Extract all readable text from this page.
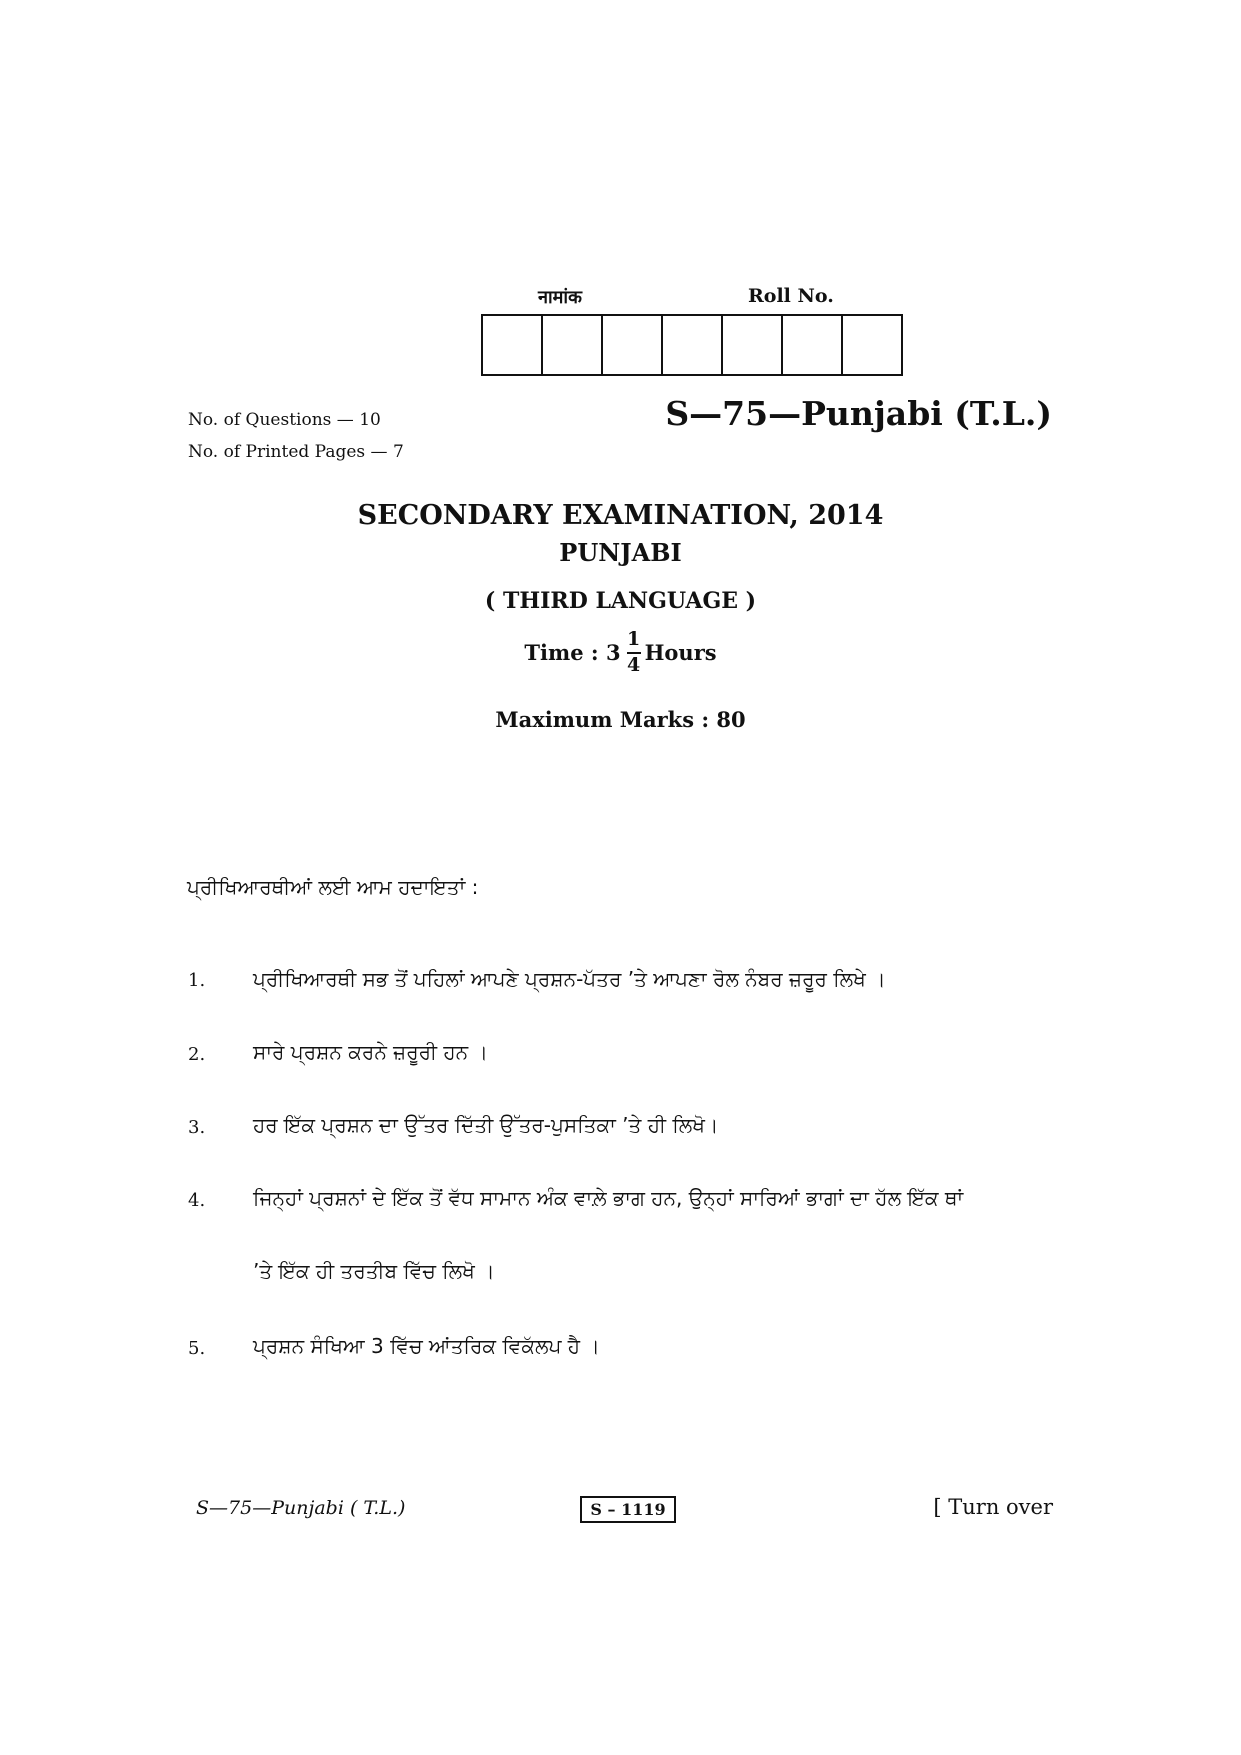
नामांक	Roll No.
No. of Questions — 10
No. of Printed Pages — 7
S—75—Punjabi (T.L.)
SECONDARY EXAMINATION, 2014
PUNJABI
( THIRD LANGUAGE )
Time : $3 \frac{1}{4}$ Hours
Maximum Marks : 80
ਪ੍ਰੀਖਿਆਰਥੀਆਂ ਲਈ ਆਮ ਹਦਾਇਤਾਂ :
1. ਪ੍ਰੀਖਿਆਰਥੀ ਸਭ ਤੋਂ ਪਹਿਲਾਂ ਆਪਣੇ ਪ੍ਰਸ਼ਨ-ਪੱਤਰ ’ਤੇ ਆਪਣਾ ਰੋਲ ਨੰਬਰ ਜ਼ਰੂਰ ਲਿਖੇ ।
2. ਸਾਰੇ ਪ੍ਰਸ਼ਨ ਕਰਨੇ ਜ਼ਰੂਰੀ ਹਨ ।
3. ਹਰ ਇੱਕ ਪ੍ਰਸ਼ਨ ਦਾ ਉੱਤਰ ਦਿੱਤੀ ਉੱਤਰ-ਪੁਸਤਿਕਾ ’ਤੇ ਹੀ ਲਿਖੋ।
4. ਜਿਨ੍ਹਾਂ ਪ੍ਰਸ਼ਨਾਂ ਦੇ ਇੱਕ ਤੋਂ ਵੱਧ ਸਾਮਾਨ ਅੰਕ ਵਾਲ਼ੇ ਭਾਗ ਹਨ, ਉਨ੍ਹਾਂ ਸਾਰਿਆਂ ਭਾਗਾਂ ਦਾ ਹੱਲ ਇੱਕ ਥਾਂ
’ਤੇ ਇੱਕ ਹੀ ਤਰਤੀਬ ਵਿੱਚ ਲਿਖੋ ।
5. ਪ੍ਰਸ਼ਨ ਸੰਖਿਆ 3 ਵਿੱਚ ਆਂਤਰਿਕ ਵਿਕੱਲਪ ਹੈ ।
S—75—Punjabi ( T.L.)	S – 1119	[ Turn over
